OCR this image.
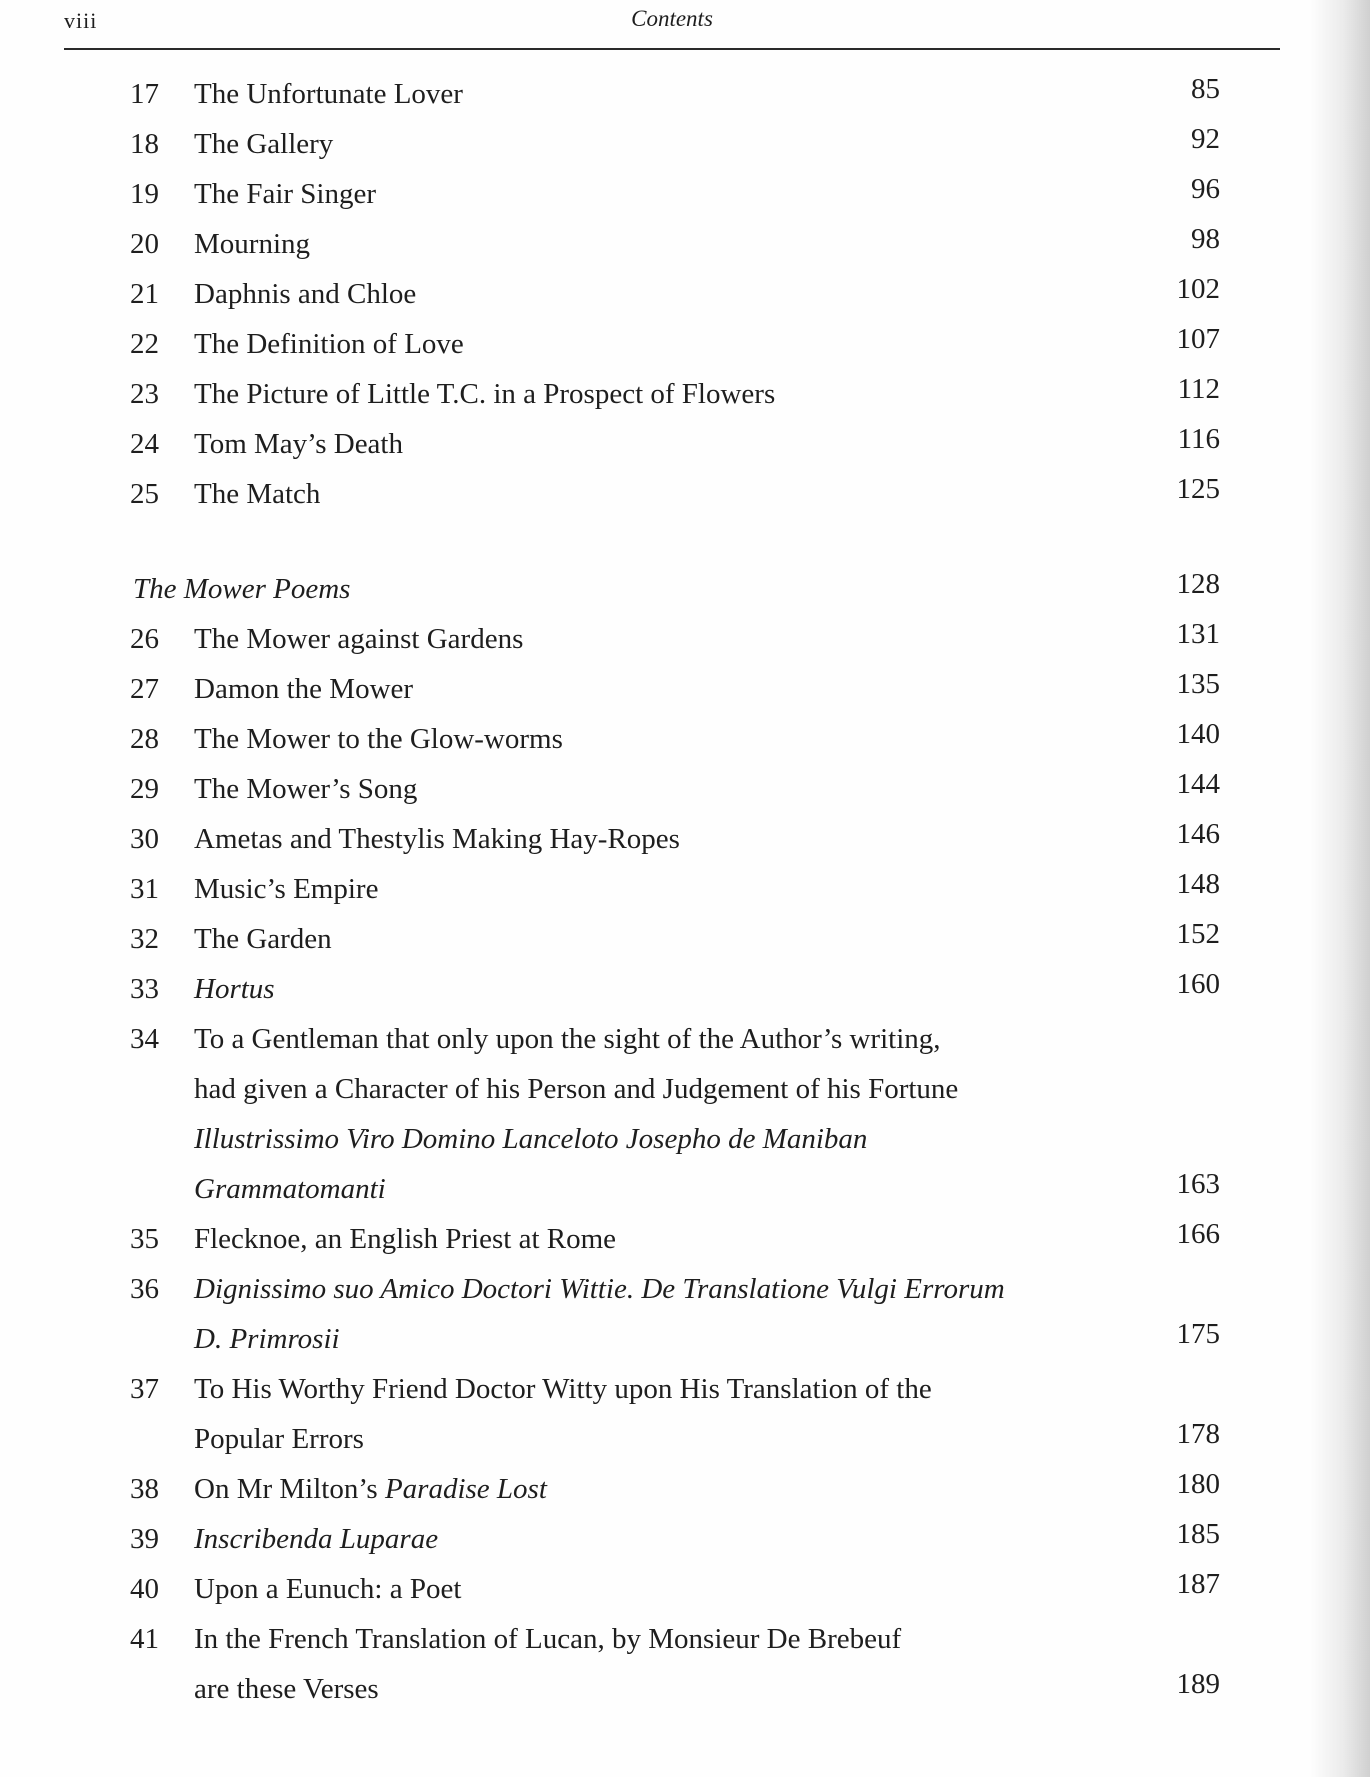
viii	Contents
17 The Unfortunate Lover	85
18 The Gallery	92
19 The Fair Singer	96
20 Mourning	98
21 Daphnis and Chloe	102
22 The Definition of Love	107
23 The Picture of Little T.C. in a Prospect of Flowers	112
24 Tom May’s Death	116
25 The Match	125
The Mower Poems	128
26 The Mower against Gardens	131
27 Damon the Mower	135
28 The Mower to the Glow-worms	140
29 The Mower’s Song	144
30 Ametas and Thestylis Making Hay-Ropes	146
31 Music’s Empire	148
32 The Garden	152
33 Hortus	160
34 To a Gentleman that only upon the sight of the Author’s writing,
had given a Character of his Person and Judgement of his Fortune
Illustrissimo Viro Domino Lanceloto Josepho de Maniban
Grammatomanti	163
35 Flecknoe, an English Priest at Rome	166
36 Dignissimo suo Amico Doctori Wittie. De Translatione Vulgi Errorum
D. Primrosii	175
37 To His Worthy Friend Doctor Witty upon His Translation of the
Popular Errors	178
38 On Mr Milton’s Paradise Lost	180
39 Inscribenda Luparae	185
40 Upon a Eunuch: a Poet	187
41 In the French Translation of Lucan, by Monsieur De Brebeuf
are these Verses	189
